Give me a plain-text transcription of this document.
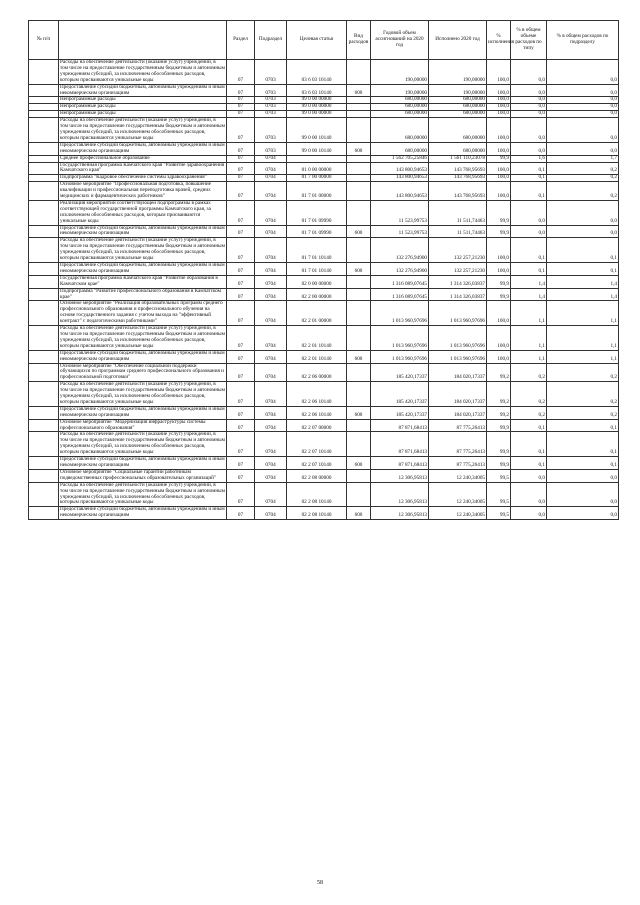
№ п/п		Раздел	Подраздел	Целевая статья	Вид расходов	Годовой объем ассигнований на 2020 год	Исполнено 2020 год	% исполнения	% в общем объеме расходов по типу	% в общем расходов по подразделу
	Расходы на обеспечение деятельности (оказание услуг) учреждений, в том числе на предоставление государственным бюджетным и автономным учреждениям субсидий, за исключением обособленных расходов, которым присваиваются уникальные коды	07	0703	03 6 03 10140		190,00000	190,00000	100,0	0,0	0,0
	Предоставление субсидий бюджетным, автономным учреждениям и иным некоммерческим организациям	07	0703	03 6 03 10140	600	190,00000	190,00000	100,0	0,0	0,0
	Непрограммные расходы	07	0703	99 0 00 00000		680,00000	680,00000	100,0	0,0	0,0
	Непрограммные расходы	07	0703	99 0 00 00000		680,00000	680,00000	100,0	0,0	0,0
	Непрограммные расходы	07	0703	99 0 00 00000		680,00000	680,00000	100,0	0,0	0,0
	Расходы на обеспечение деятельности (оказание услуг) учреждений, в том числе на предоставление государственным бюджетным и автономным учреждениям субсидий, за исключением обособленных расходов, которым присваиваются уникальные коды	07	0703	99 0 00 10140		680,00000	680,00000	100,0	0,0	0,0
	Предоставление субсидий бюджетным, автономным учреждениям и иным некоммерческим организациям	07	0703	99 0 00 10140	600	680,00000	680,00000	100,0	0,0	0,0
	Среднее профессиональное образование	07	0704			1 562 705,25846	1 561 110,23078	99,9	1,6	1,7
	Государственная программа Камчатского края "Развитие здравоохранения Камчатского края"	07	0704	01 0 00 00000		143 800,94653	143 768,95693	100,0	0,1	0,2
	Подпрограмма "Кадровое обеспечение системы здравоохранения"	07	0704	01 7 00 00000		143 800,94653	143 768,95693	100,0	0,1	0,2
	Основное мероприятие "Профессиональная подготовка, повышение квалификации и профессиональная переподготовка врачей, средних медицинских и фармацевтических работников"	07	0704	01 7 01 00000		143 800,94653	143 768,95693	100,0	0,1	0,2
	Реализация мероприятий соответствующей подпрограммы в рамках соответствующей государственной программы Камчатского края, за исключением обособленных расходов, которым присваиваются уникальные коды	07	0704	01 7 01 09990		11 523,99753	11 511,74463	99,9	0,0	0,0
	Предоставление субсидий бюджетным, автономным учреждениям и иным некоммерческим организациям	07	0704	01 7 01 09990	600	11 523,99753	11 511,74463	99,9	0,0	0,0
	Расходы на обеспечение деятельности (оказание услуг) учреждений, в том числе на предоставление государственным бюджетным и автономным учреждениям субсидий, за исключением обособленных расходов, которым присваиваются уникальные коды	07	0704	01 7 01 10140		132 276,94900	132 257,21230	100,0	0,1	0,1
	Предоставление субсидий бюджетным, автономным учреждениям и иным некоммерческим организациям	07	0704	01 7 01 10140	600	132 276,94900	132 257,21230	100,0	0,1	0,1
	Государственная программа Камчатского края "Развитие образования в Камчатском крае"	07	0704	02 0 00 00000		1 316 089,07645	1 314 326,03837	99,9	1,4	1,4
	Подпрограмма "Развитие профессионального образования в Камчатском крае"	07	0704	02 2 00 00000		1 316 089,07645	1 314 326,03837	99,9	1,4	1,4
	Основное мероприятие "Реализация образовательных программ среднего профессионального образования и профессионального обучения на основе государственного задания с учетом выхода на "эффективный контракт" с педагогическими работниками"	07	0704	02 2 01 00000		1 013 960,97696	1 013 960,97696	100,0	1,1	1,1
	Расходы на обеспечение деятельности (оказание услуг) учреждений, в том числе на предоставление государственным бюджетным и автономным учреждениям субсидий, за исключением обособленных расходов, которым присваиваются уникальные коды	07	0704	02 2 01 10140		1 013 960,97696	1 013 960,97696	100,0	1,1	1,1
	Предоставление субсидий бюджетным, автономным учреждениям и иным некоммерческим организациям	07	0704	02 2 01 10140	600	1 013 960,97696	1 013 960,97696	100,0	1,1	1,1
	Основное мероприятие "Обеспечение социальной поддержки обучающихся по программам среднего профессионального образования и профессиональной подготовки"	07	0704	02 2 06 00000		185 420,17337	184 020,17337	99,2	0,2	0,2
	Расходы на обеспечение деятельности (оказание услуг) учреждений, в том числе на предоставление государственным бюджетным и автономным учреждениям субсидий, за исключением обособленных расходов, которым присваиваются уникальные коды	07	0704	02 2 06 10140		185 420,17337	184 020,17337	99,2	0,2	0,2
	Предоставление субсидий бюджетным, автономным учреждениям и иным некоммерческим организациям	07	0704	02 2 06 10140	600	185 420,17337	184 020,17337	99,2	0,2	0,2
	Основное мероприятие "Модернизация инфраструктуры системы профессионального образования"	07	0704	02 2 07 00000		87 871,68413	87 775,26413	99,9	0,1	0,1
	Расходы на обеспечение деятельности (оказание услуг) учреждений, в том числе на предоставление государственным бюджетным и автономным учреждениям субсидий, за исключением обособленных расходов, которым присваиваются уникальные коды	07	0704	02 2 07 10140		87 871,68413	87 775,26413	99,9	0,1	0,1
	Предоставление субсидий бюджетным, автономным учреждениям и иным некоммерческим организациям	07	0704	02 2 07 10140	600	87 871,68413	87 775,26413	99,9	0,1	0,1
	Основное мероприятие "Социальные гарантии работникам подведомственных профессиональных образовательных организаций"	07	0704	02 2 08 00000		12 306,95813	12 240,34005	99,5	0,0	0,0
	Расходы на обеспечение деятельности (оказание услуг) учреждений, в том числе на предоставление государственным бюджетным и автономным учреждениям субсидий, за исключением обособленных расходов, которым присваиваются уникальные коды	07	0704	02 2 08 10140		12 306,95813	12 240,34005	99,5	0,0	0,0
	Предоставление субсидий бюджетным, автономным учреждениям и иным некоммерческим организациям	07	0704	02 2 08 10140	600	12 306,95813	12 240,34005	99,5	0,0	0,0
58
